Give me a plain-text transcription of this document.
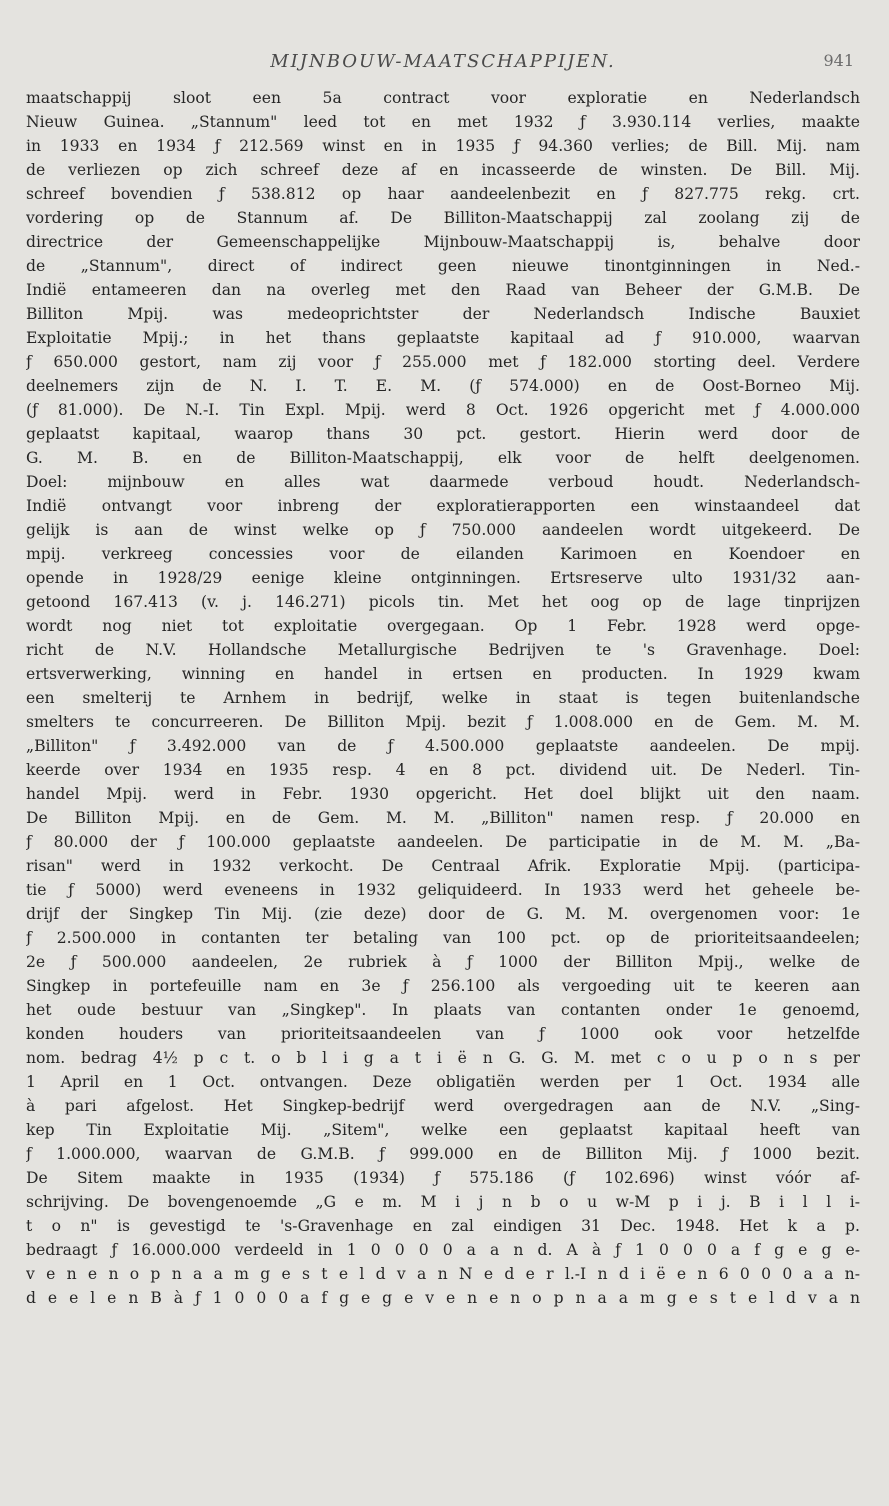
MIJNBOUW-MAATSCHAPPIJEN.	941
maatschappij sloot een 5a contract voor exploratie en Nederlandsch
Nieuw Guinea. „Stannum" leed tot en met 1932 ƒ 3.930.114 verlies, maakte
in 1933 en 1934 ƒ 212.569 winst en in 1935 ƒ 94.360 verlies; de Bill. Mij. nam
de verliezen op zich schreef deze af en incasseerde de winsten. De Bill. Mij.
schreef bovendien ƒ 538.812 op haar aandeelenbezit en ƒ 827.775 rekg. crt.
vordering op de Stannum af. De Billiton-Maatschappij zal zoolang zij de
directrice der Gemeenschappelijke Mijnbouw-Maatschappij is, behalve door
de „Stannum", direct of indirect geen nieuwe tinontginningen in Ned.-
Indië entameeren dan na overleg met den Raad van Beheer der G.M.B. De
Billiton Mpij. was medeoprichtster der Nederlandsch Indische Bauxiet
Exploitatie Mpij.; in het thans geplaatste kapitaal ad ƒ 910.000, waarvan
ƒ 650.000 gestort, nam zij voor ƒ 255.000 met ƒ 182.000 storting deel. Verdere
deelnemers zijn de N. I. T. E. M. (ƒ 574.000) en de Oost-Borneo Mij.
(ƒ 81.000). De N.-I. Tin Expl. Mpij. werd 8 Oct. 1926 opgericht met ƒ 4.000.000
geplaatst kapitaal, waarop thans 30 pct. gestort. Hierin werd door de
G. M. B. en de Billiton-Maatschappij, elk voor de helft deelgenomen.
Doel: mijnbouw en alles wat daarmede verboud houdt. Nederlandsch-
Indië ontvangt voor inbreng der exploratierapporten een winstaandeel dat
gelijk is aan de winst welke op ƒ 750.000 aandeelen wordt uitgekeerd. De
mpij. verkreeg concessies voor de eilanden Karimoen en Koendoer en
opende in 1928/29 eenige kleine ontginningen. Ertsreserve ulto 1931/32 aan-
getoond 167.413 (v. j. 146.271) picols tin. Met het oog op de lage tinprijzen
wordt nog niet tot exploitatie overgegaan. Op 1 Febr. 1928 werd opge-
richt de N.V. Hollandsche Metallurgische Bedrijven te 's Gravenhage. Doel:
ertsverwerking, winning en handel in ertsen en producten. In 1929 kwam
een smelterij te Arnhem in bedrijf, welke in staat is tegen buitenlandsche
smelters te concurreeren. De Billiton Mpij. bezit ƒ 1.008.000 en de Gem. M. M.
„Billiton" ƒ 3.492.000 van de ƒ 4.500.000 geplaatste aandeelen. De mpij.
keerde over 1934 en 1935 resp. 4 en 8 pct. dividend uit. De Nederl. Tin-
handel Mpij. werd in Febr. 1930 opgericht. Het doel blijkt uit den naam.
De Billiton Mpij. en de Gem. M. M. „Billiton" namen resp. ƒ 20.000 en
ƒ 80.000 der ƒ 100.000 geplaatste aandeelen. De participatie in de M. M. „Ba-
risan" werd in 1932 verkocht. De Centraal Afrik. Exploratie Mpij. (participa-
tie ƒ 5000) werd eveneens in 1932 geliquideerd. In 1933 werd het geheele be-
drijf der Singkep Tin Mij. (zie deze) door de G. M. M. overgenomen voor: 1e
ƒ 2.500.000 in contanten ter betaling van 100 pct. op de prioriteitsaandeelen;
2e ƒ 500.000 aandeelen, 2e rubriek à ƒ 1000 der Billiton Mpij., welke de
Singkep in portefeuille nam en 3e ƒ 256.100 als vergoeding uit te keeren aan
het oude bestuur van „Singkep". In plaats van contanten onder 1e genoemd,
konden houders van prioriteitsaandeelen van ƒ 1000 ook voor hetzelfde
nom. bedrag 4½ p c t. o b l i g a t i ë n G. G. M. met c o u p o n s per
1 April en 1 Oct. ontvangen. Deze obligatiën werden per 1 Oct. 1934 alle
à pari afgelost. Het Singkep-bedrijf werd overgedragen aan de N.V. „Sing-
kep Tin Exploitatie Mij. „Sitem", welke een geplaatst kapitaal heeft van
ƒ 1.000.000, waarvan de G.M.B. ƒ 999.000 en de Billiton Mij. ƒ 1000 bezit.
De Sitem maakte in 1935 (1934) ƒ 575.186 (ƒ 102.696) winst vóór af-
schrijving. De bovengenoemde „G e m. M i j n b o u w-M p i j. B i l l i-
t o n" is gevestigd te 's-Gravenhage en zal eindigen 31 Dec. 1948. Het k a p.
bedraagt ƒ 16.000.000 verdeeld in 1 0 0 0 0 a a n d. A à ƒ 1 0 0 0 a f g e g e-
v e n e n o p n a a m g e s t e l d v a n N e d e r l.-I n d i ë e n 6 0 0 0 a a n-
d e e l e n B à ƒ 1 0 0 0 a f g e g e v e n e n o p n a a m g e s t e l d v a n
